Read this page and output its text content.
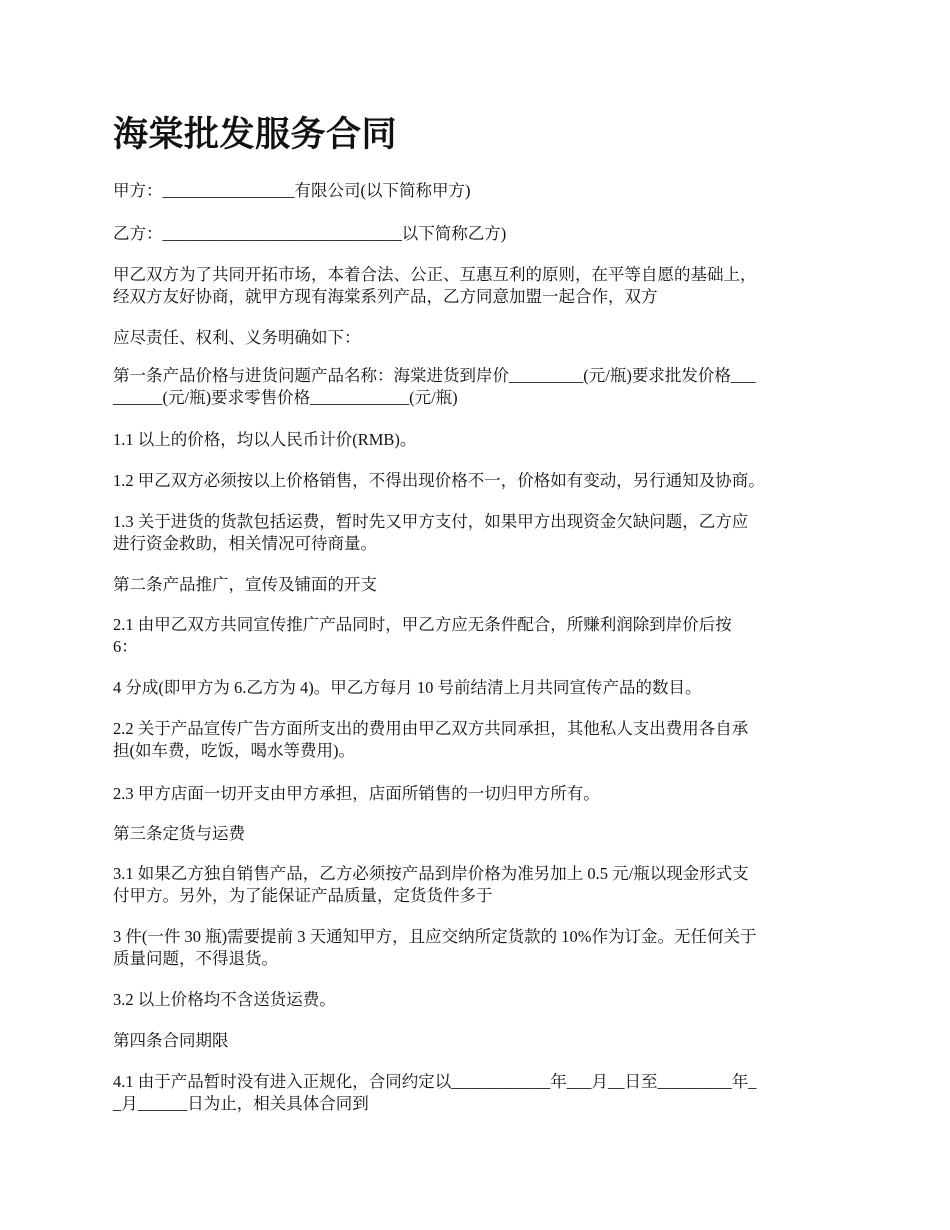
海棠批发服务合同

甲方：________________有限公司(以下简称甲方)

乙方：_____________________________以下简称乙方)

甲乙双方为了共同开拓市场，本着合法、公正、互惠互利的原则，在平等自愿的基础上，
经双方友好协商，就甲方现有海棠系列产品，乙方同意加盟一起合作，双方

应尽责任、权利、义务明确如下：

第一条产品价格与进货问题产品名称：海棠进货到岸价_________(元/瓶)要求批发价格___
______(元/瓶)要求零售价格____________(元/瓶)

1.1 以上的价格，均以人民币计价(RMB)。

1.2 甲乙双方必须按以上价格销售，不得出现价格不一，价格如有变动，另行通知及协商。

1.3 关于进货的货款包括运费，暂时先又甲方支付，如果甲方出现资金欠缺问题，乙方应
进行资金救助，相关情况可待商量。

第二条产品推广，宣传及铺面的开支

2.1 由甲乙双方共同宣传推广产品同时，甲乙方应无条件配合，所赚利润除到岸价后按
6：

4 分成(即甲方为 6.乙方为 4)。甲乙方每月 10 号前结清上月共同宣传产品的数目。

2.2 关于产品宣传广告方面所支出的费用由甲乙双方共同承担，其他私人支出费用各自承
担(如车费，吃饭，喝水等费用)。

2.3 甲方店面一切开支由甲方承担，店面所销售的一切归甲方所有。

第三条定货与运费

3.1 如果乙方独自销售产品，乙方必须按产品到岸价格为准另加上 0.5 元/瓶以现金形式支
付甲方。另外，为了能保证产品质量，定货货件多于

3 件(一件 30 瓶)需要提前 3 天通知甲方，且应交纳所定货款的 10%作为订金。无任何关于
质量问题，不得退货。

3.2 以上价格均不含送货运费。

第四条合同期限

4.1 由于产品暂时没有进入正规化，合同约定以____________年___月__日至_________年_
_月______日为止，相关具体合同到
